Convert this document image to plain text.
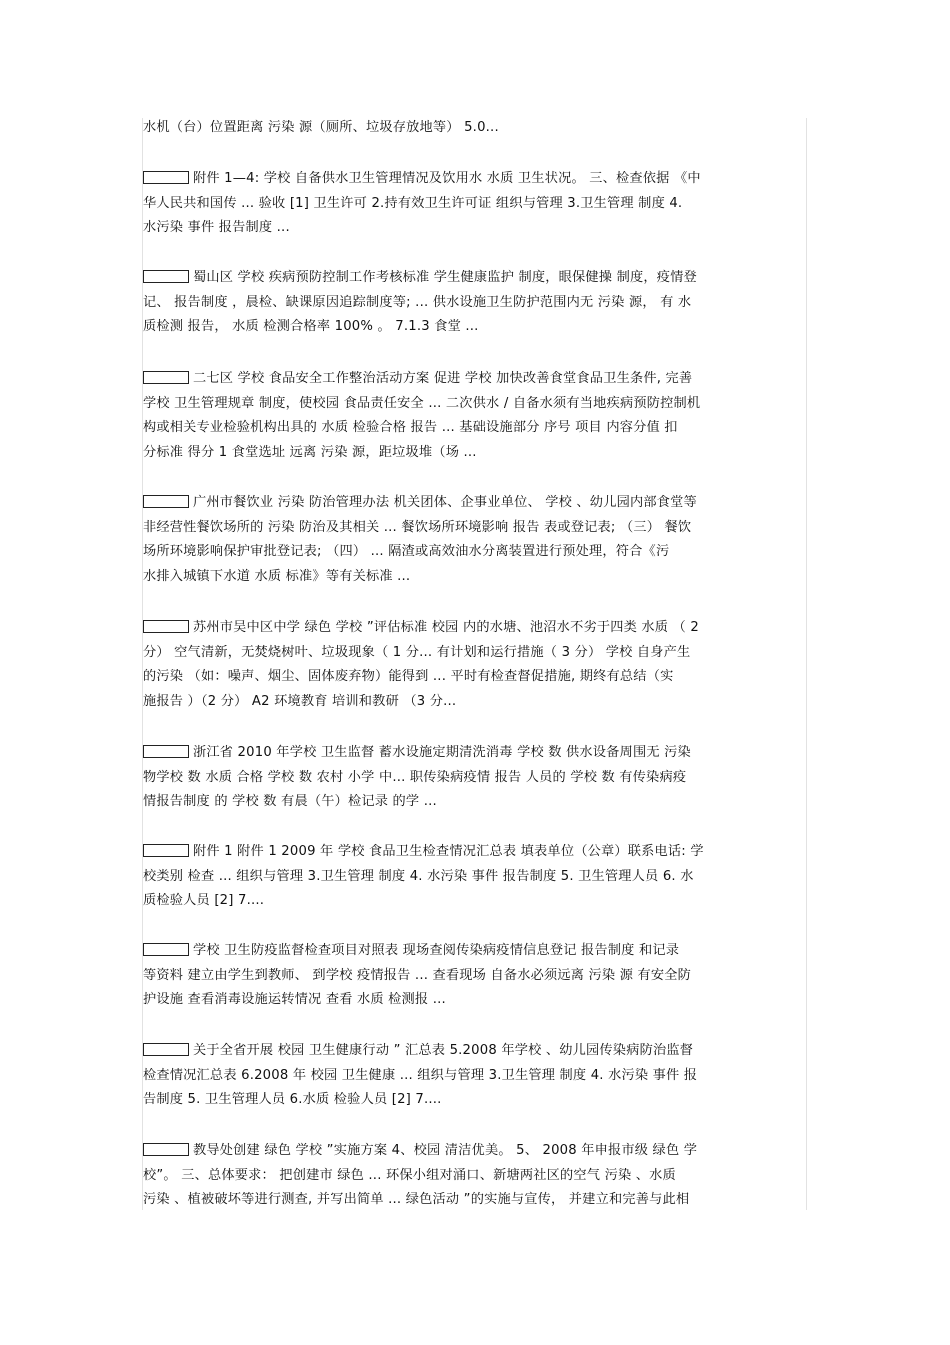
水机（台）位置距离 污染 源（厕所、垃圾存放地等） 5.0...

附件 1—4: 学校 自备供水卫生管理情况及饮用水 水质 卫生状况。 三、检查依据 《中

华人民共和国传 ... 验收 [1] 卫生许可 2.持有效卫生许可证 组织与管理 3.卫生管理 制度 4.

水污染 事件 报告制度 ...

蜀山区 学校 疾病预防控制工作考核标准 学生健康监护 制度，眼保健操 制度，疫情登

记、 报告制度 ，晨检、缺课原因追踪制度等; ... 供水设施卫生防护范围内无 污染 源， 有 水

质检测 报告， 水质 检测合格率 100% 。 7.1.3 食堂 ...

二七区 学校 食品安全工作整治活动方案 促进 学校 加快改善食堂食品卫生条件, 完善

学校 卫生管理规章 制度，使校园 食品责任安全 ... 二次供水 / 自备水须有当地疾病预防控制机

构或相关专业检验机构出具的 水质 检验合格 报告 ... 基础设施部分 序号 项目 内容分值 扣

分标准 得分 1 食堂选址 远离 污染 源，距垃圾堆（场 ...

广州市餐饮业 污染 防治管理办法 机关团体、企事业单位、 学校 、幼儿园内部食堂等

非经营性餐饮场所的 污染 防治及其相关 ... 餐饮场所环境影响 报告 表或登记表; （三） 餐饮

场所环境影响保护审批登记表; （四） ... 隔渣或高效油水分离装置进行预处理，符合《污

水排入城镇下水道 水质 标准》等有关标准 ...

苏州市吴中区中学 绿色 学校 ”评估标准 校园 内的水塘、池沼水不劣于四类 水质 （ 2

分） 空气清新，无焚烧树叶、垃圾现象（ 1 分... 有计划和运行措施（ 3 分） 学校 自身产生

的污染 （如：噪声、烟尘、固体废弃物）能得到 ... 平时有检查督促措施, 期终有总结（实

施报告 ）（2 分） A2 环境教育 培训和教研 （3 分...

浙江省 2010 年学校 卫生监督 蓄水设施定期清洗消毒 学校 数 供水设备周围无 污染

物学校 数 水质 合格 学校 数 农村 小学 中... 职传染病疫情 报告 人员的 学校 数 有传染病疫

情报告制度 的 学校 数 有晨（午）检记录 的学 ...

附件 1 附件 1 2009 年 学校 食品卫生检查情况汇总表 填表单位（公章）联系电话: 学

校类别 检查 ... 组织与管理 3.卫生管理 制度 4. 水污染 事件 报告制度 5. 卫生管理人员 6. 水

质检验人员 [2] 7....

学校 卫生防疫监督检查项目对照表 现场查阅传染病疫情信息登记 报告制度 和记录

等资料 建立由学生到教师、 到学校 疫情报告 ... 查看现场 自备水必须远离 污染 源 有安全防

护设施 查看消毒设施运转情况 查看 水质 检测报 ...

关于全省开展 校园 卫生健康行动 ” 汇总表 5.2008 年学校 、幼儿园传染病防治监督

检查情况汇总表 6.2008 年 校园 卫生健康 ... 组织与管理 3.卫生管理 制度 4. 水污染 事件 报

告制度 5. 卫生管理人员 6.水质 检验人员 [2] 7....

教导处创建 绿色 学校 ”实施方案 4、校园 清洁优美。 5、 2008 年申报市级 绿色 学

校”。 三、总体要求： 把创建市 绿色 ... 环保小组对涌口、新塘两社区的空气 污染 、水质

污染 、植被破坏等进行测查, 并写出简单 ... 绿色活动 ”的实施与宣传， 并建立和完善与此相
